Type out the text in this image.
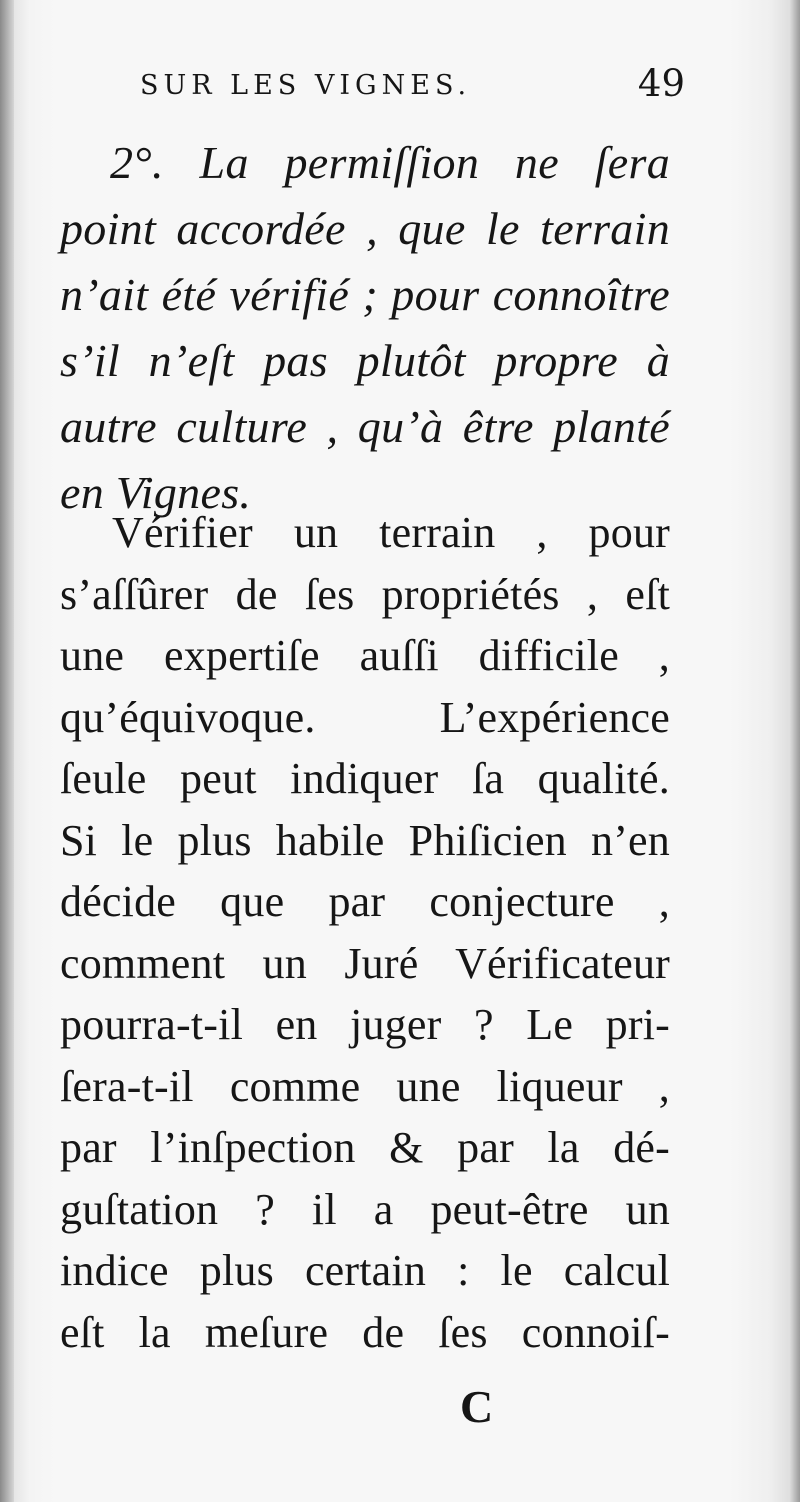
SUR LES VIGNES.	49
2°. La permiſſion ne ſera
point accordée , que le terrain
n’ait été vérifié ; pour connoître
s’il n’eſt pas plutôt propre à
autre culture , qu’à être planté
en Vignes.
Vérifier un terrain , pour
s’aſſûrer de ſes propriétés , eſt
une expertiſe auſſi difficile ,
qu’équivoque. L’expérience
ſeule peut indiquer ſa qualité.
Si le plus habile Phiſicien n’en
décide que par conjecture ,
comment un Juré Vérificateur
pourra-t-il en juger ? Le pri-
ſera-t-il comme une liqueur ,
par l’inſpection & par la dé-
guſtation ? il a peut-être un
indice plus certain : le calcul
eſt la meſure de ſes connoiſ-
C
